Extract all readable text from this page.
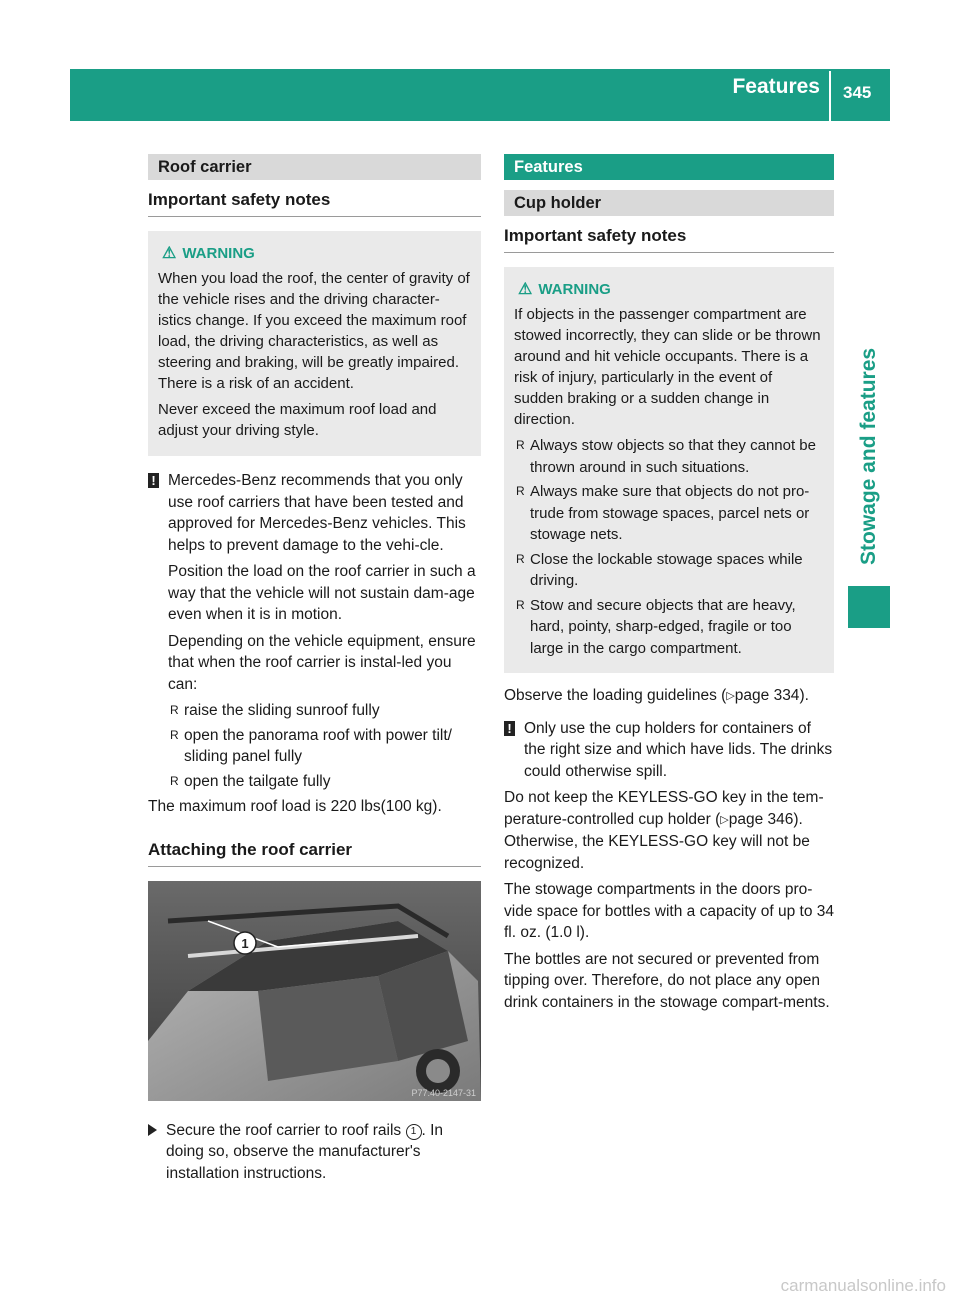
Features 345
Stowage and features
Roof carrier
Important safety notes
⚠ WARNING

When you load the roof, the center of gravity of the vehicle rises and the driving character-istics change. If you exceed the maximum roof load, the driving characteristics, as well as steering and braking, will be greatly impaired. There is a risk of an accident.

Never exceed the maximum roof load and adjust your driving style.

! Mercedes-Benz recommends that you only use roof carriers that have been tested and approved for Mercedes-Benz vehicles. This helps to prevent damage to the vehi-cle.

Position the load on the roof carrier in such a way that the vehicle will not sustain dam-age even when it is in motion.

Depending on the vehicle equipment, ensure that when the roof carrier is instal-led you can:

R raise the sliding sunroof fully
R open the panorama roof with power tilt/ sliding panel fully
R open the tailgate fully

The maximum roof load is 220 lbs(100 kg).

Attaching the roof carrier
1
P77.40-2147-31
Secure the roof carrier to roof rails 1 . In doing so, observe the manufacturer's installation instructions.
Features
Cup holder
Important safety notes
⚠ WARNING

If objects in the passenger compartment are stowed incorrectly, they can slide or be thrown around and hit vehicle occupants. There is a risk of injury, particularly in the event of sudden braking or a sudden change in direction.

R Always stow objects so that they cannot be thrown around in such situations.
R Always make sure that objects do not pro-trude from stowage spaces, parcel nets or stowage nets.
R Close the lockable stowage spaces while driving.
R Stow and secure objects that are heavy, hard, pointy, sharp-edged, fragile or too large in the cargo compartment.

Observe the loading guidelines (▷page 334).

! Only use the cup holders for containers of the right size and which have lids. The drinks could otherwise spill.

Do not keep the KEYLESS-GO key in the tem-perature-controlled cup holder (▷page 346). Otherwise, the KEYLESS-GO key will not be recognized.

The stowage compartments in the doors pro-vide space for bottles with a capacity of up to 34 fl. oz. (1.0 l).

The bottles are not secured or prevented from tipping over. Therefore, do not place any open drink containers in the stowage compart-ments.

carmanualsonline.info
